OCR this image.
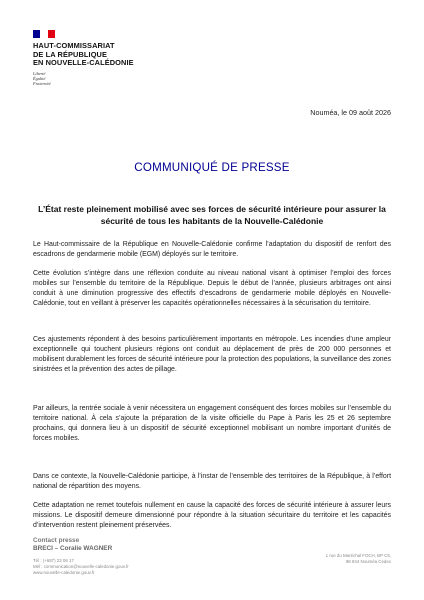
HAUT-COMMISSARIAT
DE LA RÉPUBLIQUE
EN NOUVELLE-CALÉDONIE
Liberté
Égalité
Fraternité
Nouméa, le 09 août 2026
COMMUNIQUÉ DE PRESSE
L’État reste pleinement mobilisé avec ses forces de sécurité intérieure pour assurer la sécurité de tous les habitants de la Nouvelle-Calédonie
Le Haut-commissaire de la République en Nouvelle-Calédonie confirme l’adaptation du dispositif de renfort des escadrons de gendarmerie mobile (EGM) déployés sur le territoire.
Cette évolution s’intègre dans une réflexion conduite au niveau national visant à optimiser l’emploi des forces mobiles sur l’ensemble du territoire de la République. Depuis le début de l’année, plusieurs arbitrages ont ainsi conduit à une diminution progressive des effectifs d’escadrons de gendarmerie mobile déployés en Nouvelle-Calédonie, tout en veillant à préserver les capacités opérationnelles nécessaires à la sécurisation du territoire.
Ces ajustements répondent à des besoins particulièrement importants en métropole. Les incendies d’une ampleur exceptionnelle qui touchent plusieurs régions ont conduit au déplacement de près de 200 000 personnes et mobilisent durablement les forces de sécurité intérieure pour la protection des populations, la surveillance des zones sinistrées et la prévention des actes de pillage.
Par ailleurs, la rentrée sociale à venir nécessitera un engagement conséquent des forces mobiles sur l’ensemble du territoire national. À cela s’ajoute la préparation de la visite officielle du Pape à Paris les 25 et 26 septembre prochains, qui donnera lieu à un dispositif de sécurité exceptionnel mobilisant un nombre important d’unités de forces mobiles.
Dans ce contexte, la Nouvelle-Calédonie participe, à l’instar de l’ensemble des territoires de la République, à l’effort national de répartition des moyens.
Cette adaptation ne remet toutefois nullement en cause la capacité des forces de sécurité intérieure à assurer leurs missions. Le dispositif demeure dimensionné pour répondre à la situation sécuritaire du territoire et les capacités d’intervention restent pleinement préservées.
Contact presse
BRECI – Coralie WAGNER
Tél : (+687) 23 06 17
Mél : communication@nouvelle-caledonie.gouv.fr
www.nouvelle-caledonie.gouv.fr
1 rue du Maréchal FOCH, BP C5,
98 844 Nouméa Cedex
